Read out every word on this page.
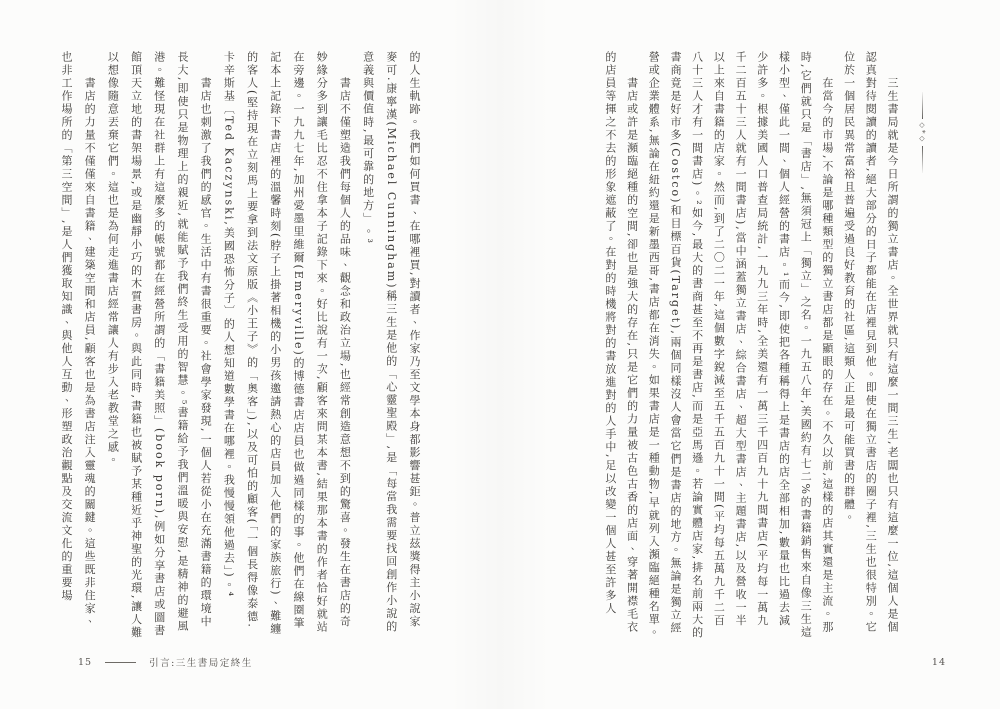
◇*◇

三生書局就是今日所謂的獨立書店。全世界就只有這麼一間三生,老闆也只有這麼一位,這個人是個認真對待閱讀的讀者,絕大部分的日子都能在店裡見到他。即使在獨立書店的圈子裡,三生也很特別。它位於一個居民異常富裕且普遍受過良好教育的社區,這類人正是最可能買書的群體。

在當今的市場,不論是哪種類型的獨立書店都是顯眼的存在。不久以前,這樣的店其實還是主流。那時,它們就只是「書店」,無須冠上「獨立」之名。一九五八年,美國約有七二%的書籍銷售來自像三生這樣小型、僅此一間、個人經營的書店。¹而今,即使把各種稱得上是書店的店全部相加,數量也比過去減少許多。根據美國人口普查局統計,一九九三年時,全美還有一萬三千四百九十九間書店(平均每一萬九千二百五十三人就有一間書店),當中涵蓋獨立書店、綜合書店、超大型書店、主題書店,以及營收一半以上來自書籍的店家。然而,到了二〇二一年,這個數字銳減至五千五百九十一間(平均每五萬九千二百八十三人才有一間書店)。²如今,最大的書商甚至不再是書店,而是亞馬遜。若論實體店家,排名前兩大的書商竟是好市多(Costco)和目標百貨(Target),兩個同樣沒人會當它們是書店的地方。無論是獨立經營或企業體系,無論在紐約還是新墨西哥,書店都在消失。如果書店是一種動物,早就列入瀕臨絕種名單。

書店或許是瀕臨絕種的空間,卻也是強大的存在,只是它們的力量被古色古香的店面、穿著開襟毛衣的店員等揮之不去的形象遮蔽了。在對的時機將對的書放進對的人手中,足以改變一個人甚至許多人

14

的人生軌跡。我們如何買書、在哪裡買,對讀者、作家乃至文學本身都影響甚鉅。普立茲獎得主小說家麥可.康寧漢(Michael Cunningham)稱三生是他的「心靈聖殿」,是「每當我需要找回創作小說的意義與價值時,最可靠的地方」。³

書店不僅塑造我們每個人的品味、觀念和政治立場,也經常創造意想不到的驚喜。發生在書店的奇妙緣分多到讓毛比忍不住拿本子記錄下來。好比說有一次,顧客來問某本書,結果那本書的作者恰好就站在旁邊。一九九七年,加州愛墨里維爾(Emeryville)的博德書店店員也做過同樣的事。他們在線圈筆記本上記錄下書店裡的溫馨時刻(脖子上掛著相機的小男孩邀請熱心的店員加入他們的家族旅行)、難纏的客人(堅持現在立刻馬上要拿到法文原版《小王子》的「奧客」),以及可怕的顧客(「一個長得像泰德.卡辛斯基〔Ted Kaczynski,美國恐怖分子〕的人想知道數學書在哪裡。我慢慢領他過去」)。⁴

書店也刺激了我們的感官。生活中有書很重要。社會學家發現,一個人若從小在充滿書籍的環境中長大,即使只是物理上的親近,就能賦予我們終生受用的智慧。⁵書籍給予我們溫暖與安慰,是精神的避風港。難怪現在社群上有這麼多的帳號都在經營所謂的「書籍美照」(book porn),例如分享書店或圖書館頂天立地的書架場景,或是幽靜小巧的木質書房。與此同時,書籍也被賦予某種近乎神聖的光環,讓人難以想像隨意丟棄它們。這也是為何走進書店經常讓人有步入老教堂之感。

書店的力量不僅僅來自書籍、建築空間和店員,顧客也是為書店注入靈魂的關鍵。這些既非住家、也非工作場所的「第三空間」,是人們獲取知識、與他人互動、形塑政治觀點及交流文化的重要場

15	引言:三生書局定終生
